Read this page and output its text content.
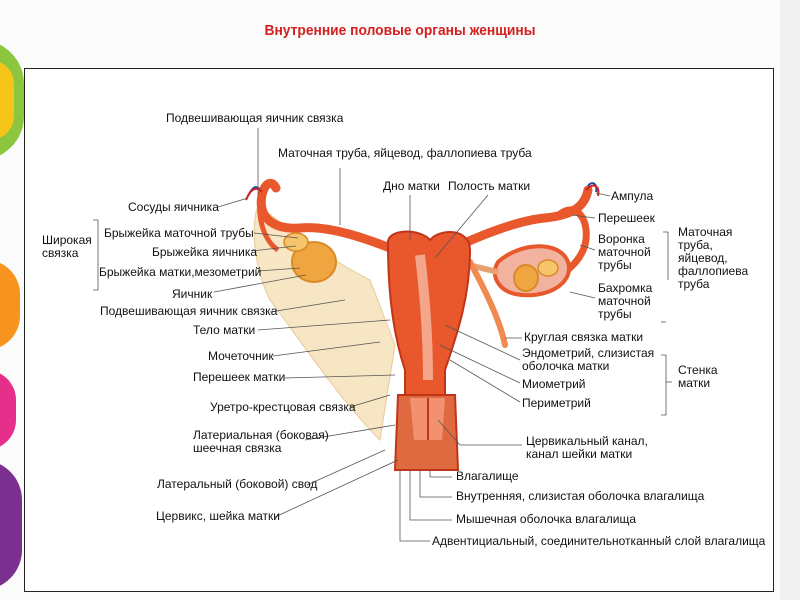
Внутренние половые органы женщины
Подвешивающая яичник связка
Маточная труба, яйцевод, фаллопиева труба
Дно матки Полость матки
Сосуды яичника
Широкая
связка
Брыжейка маточной трубы
Брыжейка яичника
Брыжейка матки,мезометрий
Яичник
Подвешивающая яичник связка
Тело матки
Мочеточник
Перешеек матки
Уретро-крестцовая связка
Латериальная (боковая)
шеечная связка
Латеральный (боковой) свод
Цервикс, шейка матки
Ампула
Перешеек
Воронка
маточной
трубы
Бахромка
маточной
трубы
Маточная
труба,
яйцевод,
фаллопиева
труба
Круглая связка матки
Эндометрий, слизистая
оболочка матки
Миометрий
Периметрий
Стенка
матки
Цервикальный канал,
канал шейки матки
Влагалище
Внутренняя, слизистая оболочка влагалища
Мышечная оболочка влагалища
Адвентициальный, соединительнотканный слой влагалища
